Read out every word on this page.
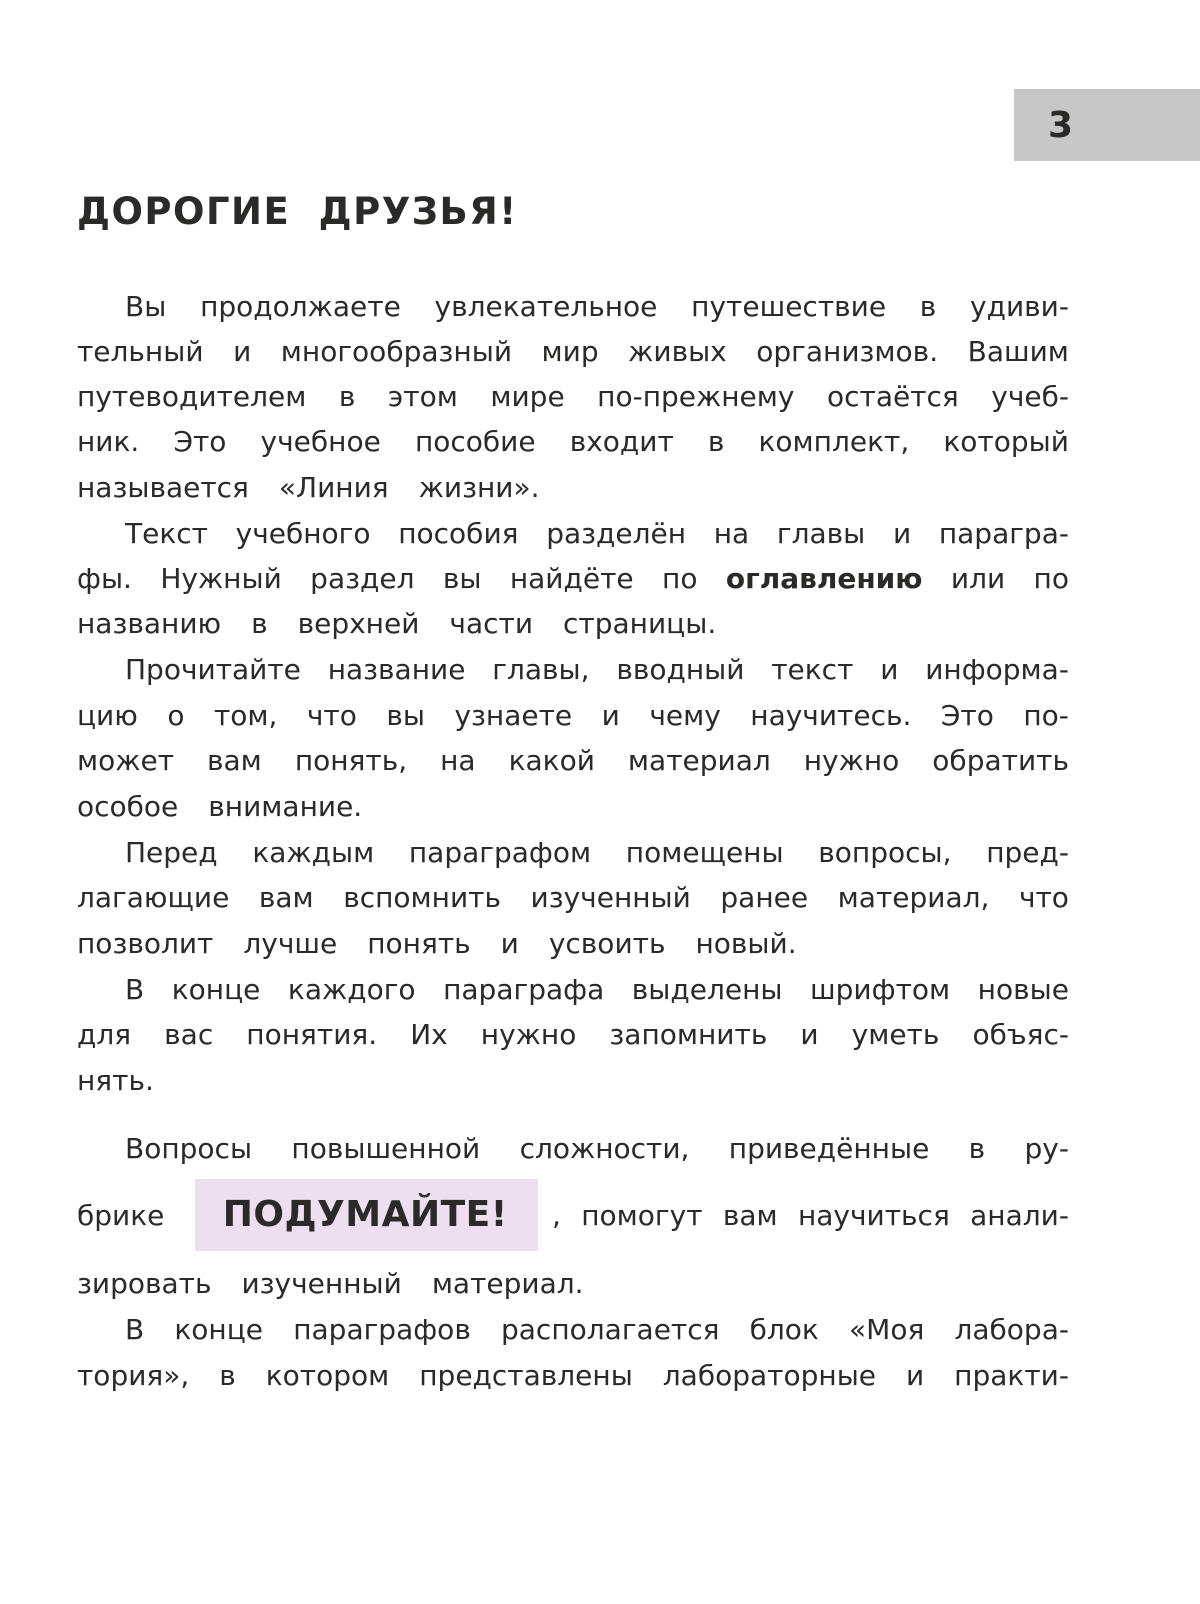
3
ДОРОГИЕ ДРУЗЬЯ!
Вы продолжаете увлекательное путешествие в удиви-
тельный и многообразный мир живых организмов. Вашим
путеводителем в этом мире по-прежнему остаётся учеб-
ник. Это учебное пособие входит в комплект, который
называется «Линия жизни».
Текст учебного пособия разделён на главы и парагра-
фы. Нужный раздел вы найдёте по оглавлению или по
названию в верхней части страницы.
Прочитайте название главы, вводный текст и информа-
цию о том, что вы узнаете и чему научитесь. Это по-
может вам понять, на какой материал нужно обратить
особое внимание.
Перед каждым параграфом помещены вопросы, пред-
лагающие вам вспомнить изученный ранее материал, что
позволит лучше понять и усвоить новый.
В конце каждого параграфа выделены шрифтом новые
для вас понятия. Их нужно запомнить и уметь объяс-
нять.
Вопросы повышенной сложности, приведённые в ру-
брике	ПОДУМАЙТЕ!	, помогут вам научиться анали-
зировать изученный материал.
В конце параграфов располагается блок «Моя лабора-
тория», в котором представлены лабораторные и практи-
